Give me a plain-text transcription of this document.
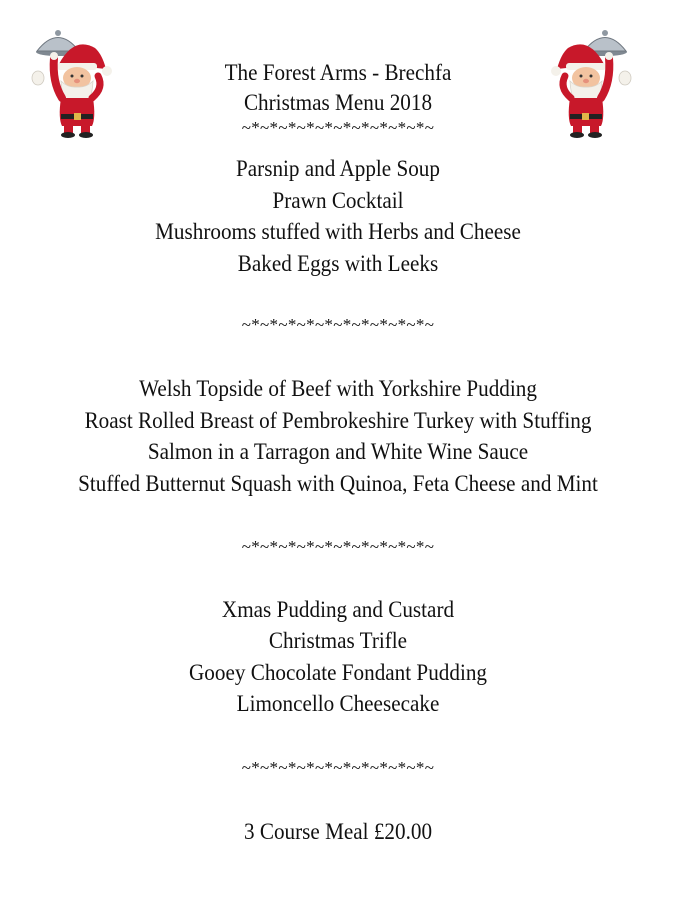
The Forest Arms - Brechfa
Christmas Menu 2018
~*~*~*~*~*~*~*~*~*~*~
Parsnip and Apple Soup
Prawn Cocktail
Mushrooms stuffed with Herbs and Cheese
Baked Eggs with Leeks
~*~*~*~*~*~*~*~*~*~*~
Welsh Topside of Beef with Yorkshire Pudding
Roast Rolled Breast of Pembrokeshire Turkey with Stuffing
Salmon in a Tarragon and White Wine Sauce
Stuffed Butternut Squash with Quinoa, Feta Cheese and Mint
~*~*~*~*~*~*~*~*~*~*~
Xmas Pudding and Custard
Christmas Trifle
Gooey Chocolate Fondant Pudding
Limoncello Cheesecake
~*~*~*~*~*~*~*~*~*~*~
3 Course Meal £20.00
